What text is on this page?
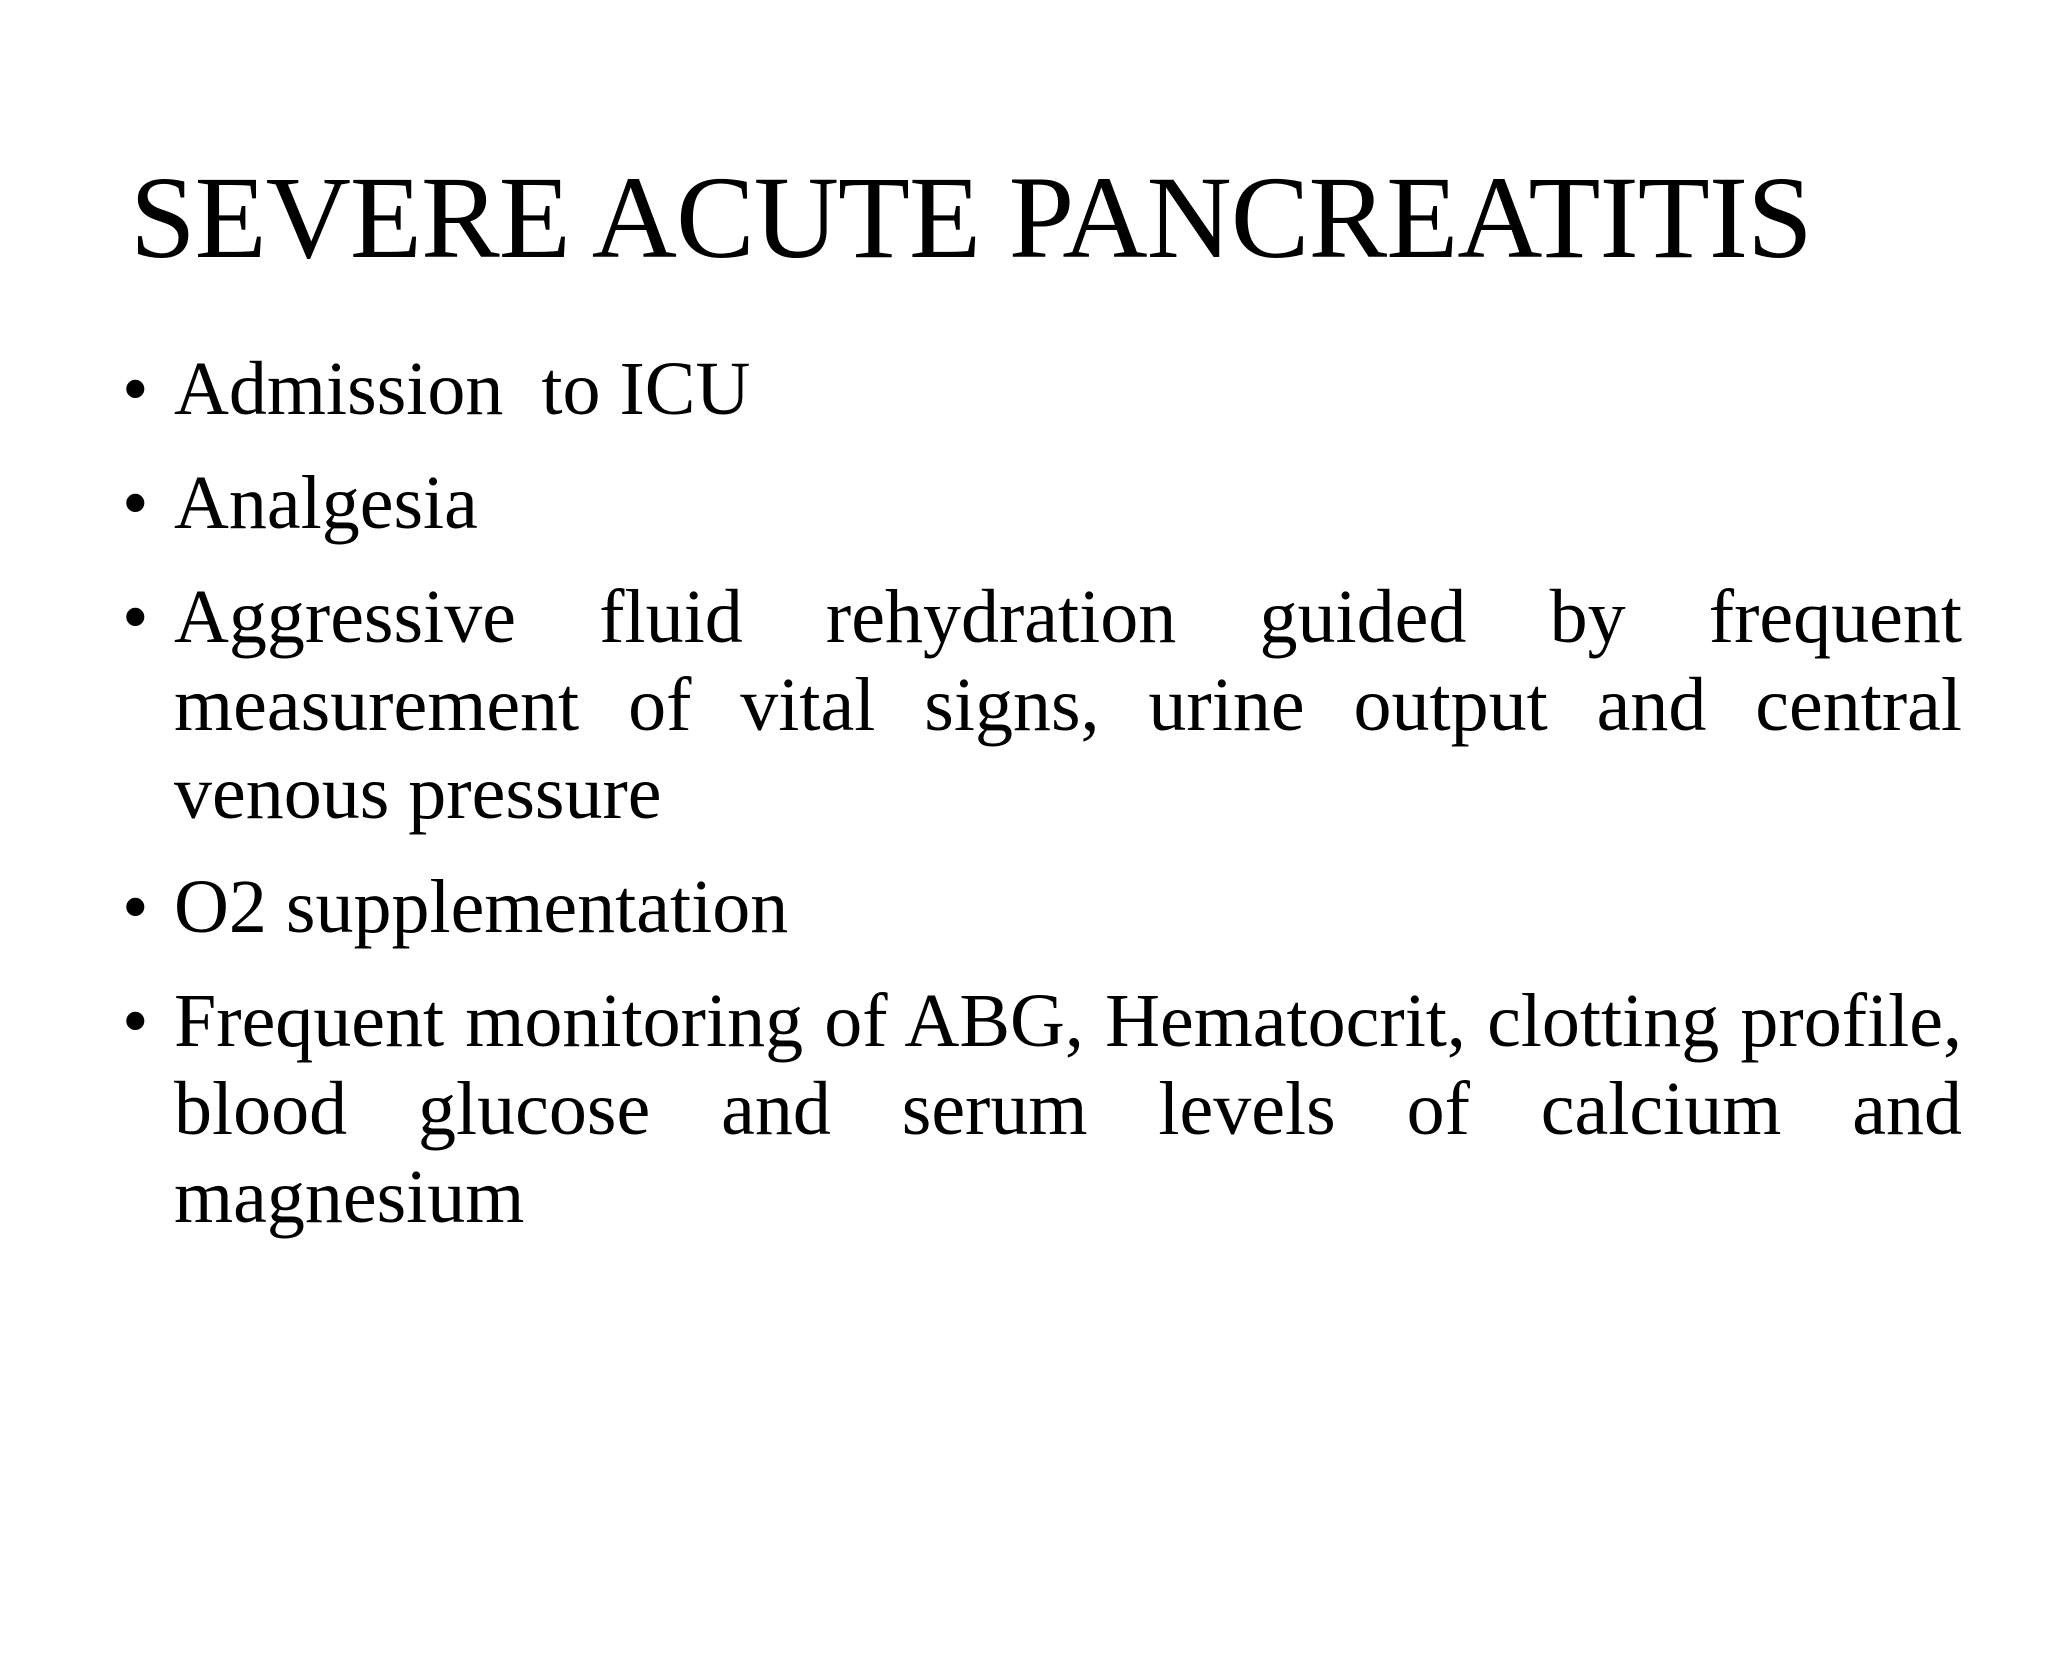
SEVERE ACUTE PANCREATITIS
• Admission  to ICU
• Analgesia
• Aggressive fluid rehydration guided by frequent measurement of vital signs, urine output and central venous pressure
• O2 supplementation
• Frequent monitoring of ABG, Hematocrit, clotting profile, blood glucose and serum levels of calcium and magnesium
